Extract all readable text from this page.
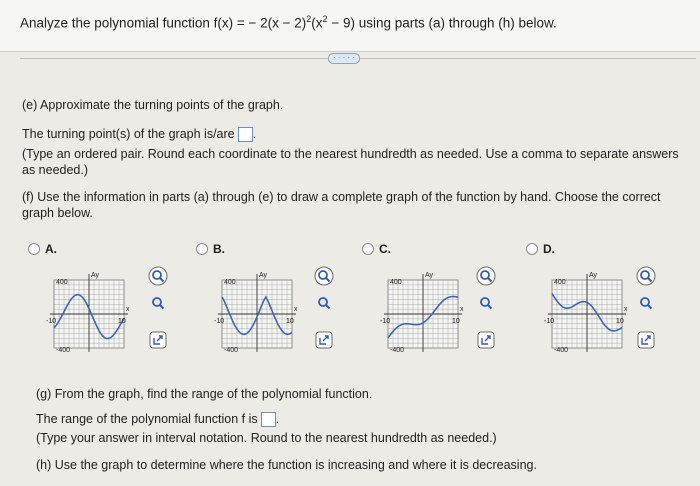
Analyze the polynomial function f(x) = − $2(x - 2)^2(x^2 - 9)$ using parts (a) through (h) below.
· · · · ·
(e) Approximate the turning points of the graph.
The turning point(s) of the graph is/are .
(Type an ordered pair. Round each coordinate to the nearest hundredth as needed. Use a comma to separate answers
as needed.)
(f) Use the information in parts (a) through (e) to draw a complete graph of the function by hand. Choose the correct
graph below.
A.	B.	C.	D.
400
-400
-10	10
x
Ay
400
-400
-10	10
x
Ay
400
-400
-10	10
x
Ay
400
-400
-10	10
x
Ay
(g) From the graph, find the range of the polynomial function.
The range of the polynomial function f is .
(Type your answer in interval notation. Round to the nearest hundredth as needed.)
(h) Use the graph to determine where the function is increasing and where it is decreasing.
